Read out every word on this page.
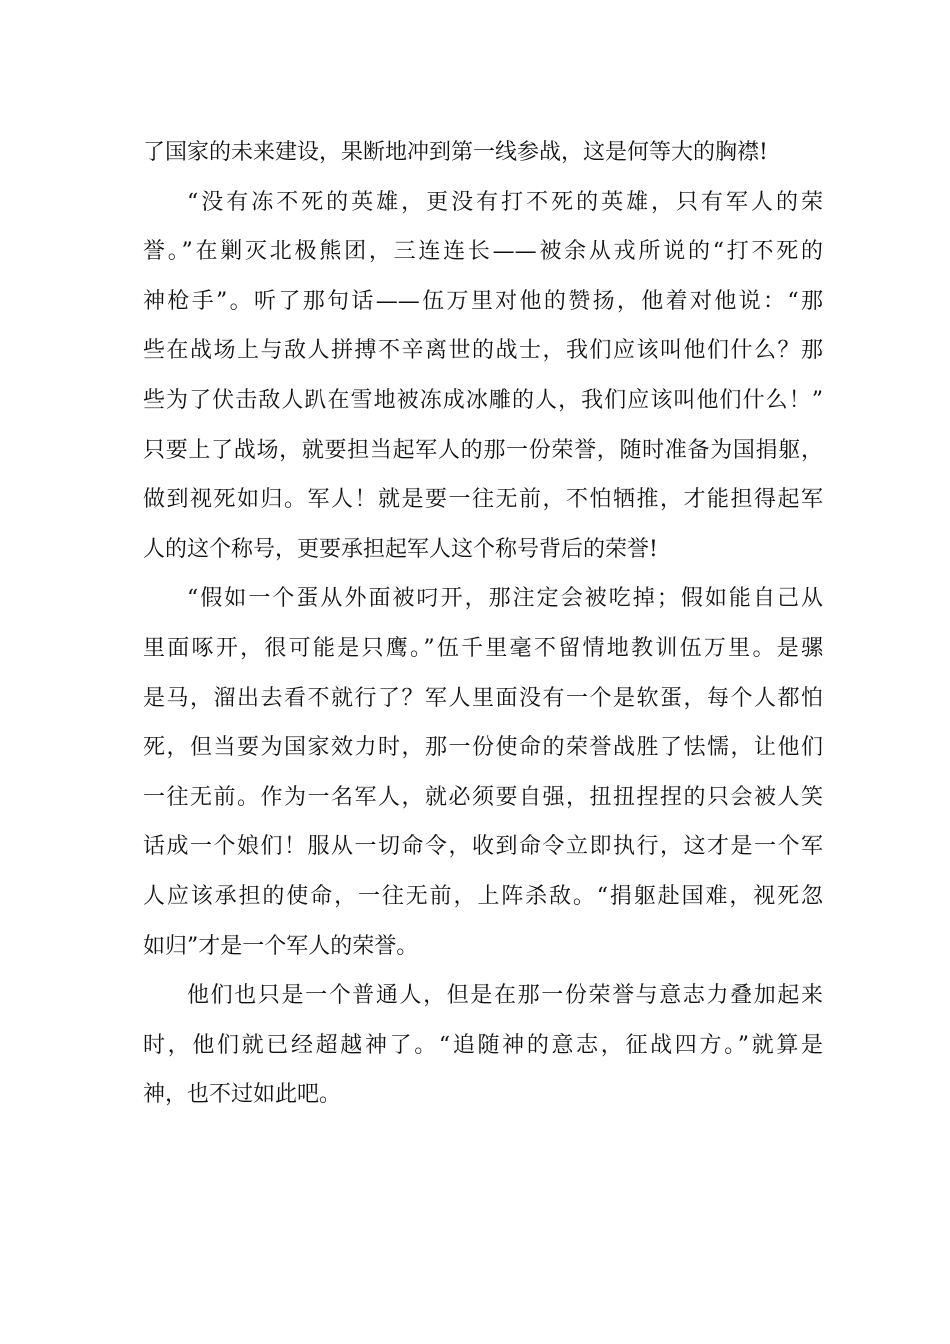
了国家的未来建设，果断地冲到第一线参战，这是何等大的胸襟!
“没有冻不死的英雄，更没有打不死的英雄，只有军人的荣
誉。”在剿灭北极熊团，三连连长——被余从戎所说的“打不死的
神枪手”。听了那句话——伍万里对他的赞扬，他着对他说：“那
些在战场上与敌人拼搏不辛离世的战士，我们应该叫他们什么？那
些为了伏击敌人趴在雪地被冻成冰雕的人，我们应该叫他们什么！”
只要上了战场，就要担当起军人的那一份荣誉，随时准备为国捐躯，
做到视死如归。军人！就是要一往无前，不怕牺推，才能担得起军
人的这个称号，更要承担起军人这个称号背后的荣誉!
“假如一个蛋从外面被叼开，那注定会被吃掉；假如能自己从
里面啄开，很可能是只鹰。”伍千里毫不留情地教训伍万里。是骡
是马，溜出去看不就行了？军人里面没有一个是软蛋，每个人都怕
死，但当要为国家效力时，那一份使命的荣誉战胜了怯懦，让他们
一往无前。作为一名军人，就必须要自强，扭扭捏捏的只会被人笑
话成一个娘们！服从一切命令，收到命令立即执行，这才是一个军
人应该承担的使命，一往无前，上阵杀敌。“捐躯赴国难，视死忽
如归”才是一个军人的荣誉。
他们也只是一个普通人，但是在那一份荣誉与意志力叠加起来
时，他们就已经超越神了。“追随神的意志，征战四方。”就算是
神，也不过如此吧。
